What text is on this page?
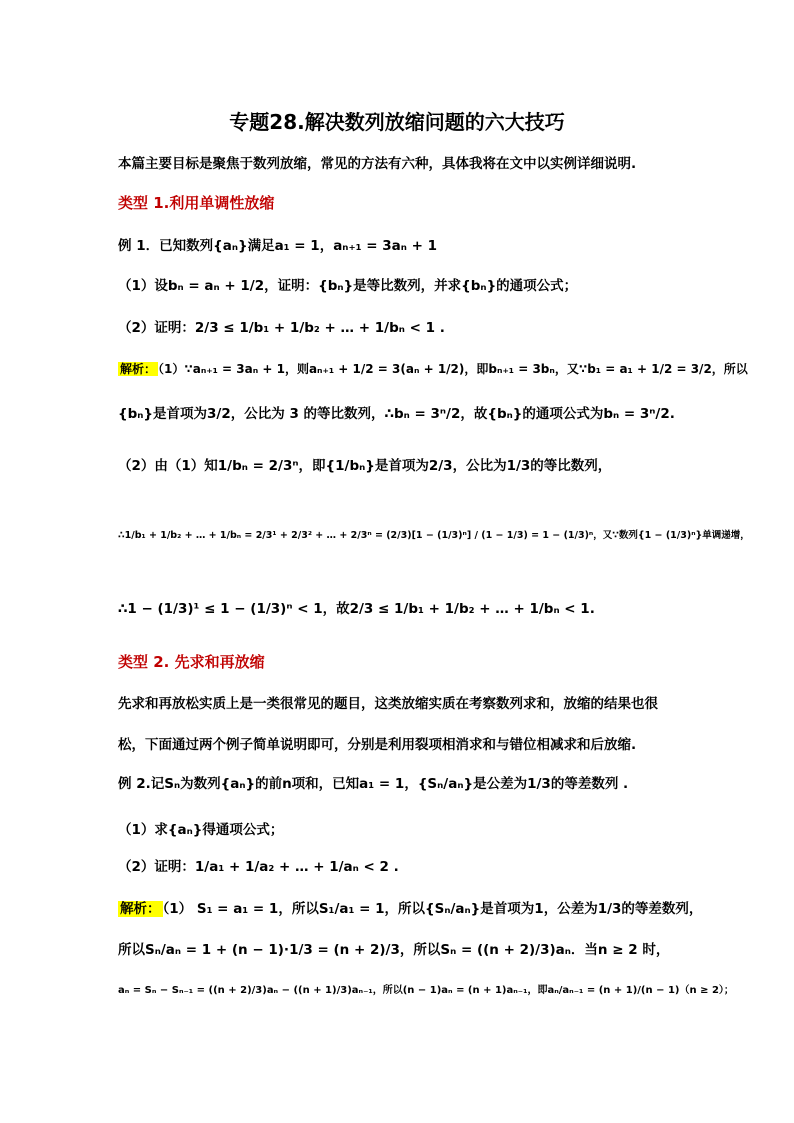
专题28.解决数列放缩问题的六大技巧
本篇主要目标是聚焦于数列放缩，常见的方法有六种，具体我将在文中以实例详细说明.
类型 1.利用单调性放缩
例 1．已知数列{aₙ}满足a₁ = 1，aₙ₊₁ = 3aₙ + 1
（1）设bₙ = aₙ + 1/2，证明：{bₙ}是等比数列，并求{bₙ}的通项公式；
（2）证明：2/3 ≤ 1/b₁ + 1/b₂ + … + 1/bₙ < 1 .
解析： （1）∵aₙ₊₁ = 3aₙ + 1，则aₙ₊₁ + 1/2 = 3(aₙ + 1/2)，即bₙ₊₁ = 3bₙ，又∵b₁ = a₁ + 1/2 = 3/2，所以
{bₙ}是首项为3/2，公比为 3 的等比数列，∴bₙ = 3ⁿ/2，故{bₙ}的通项公式为bₙ = 3ⁿ/2.
（2）由（1）知1/bₙ = 2/3ⁿ，即{1/bₙ}是首项为2/3，公比为1/3的等比数列，
∴1/b₁ + 1/b₂ + … + 1/bₙ = 2/3¹ + 2/3² + … + 2/3ⁿ = (2/3)[1 − (1/3)ⁿ] / (1 − 1/3) = 1 − (1/3)ⁿ，又∵数列{1 − (1/3)ⁿ}单调递增，
∴1 − (1/3)¹ ≤ 1 − (1/3)ⁿ < 1，故2/3 ≤ 1/b₁ + 1/b₂ + … + 1/bₙ < 1.
类型 2. 先求和再放缩
先求和再放松实质上是一类很常见的题目，这类放缩实质在考察数列求和，放缩的结果也很
松，下面通过两个例子简单说明即可，分别是利用裂项相消求和与错位相减求和后放缩.
例 2.记Sₙ为数列{aₙ}的前n项和，已知a₁ = 1，{Sₙ/aₙ}是公差为1/3的等差数列 .
（1）求{aₙ}得通项公式；
（2）证明：1/a₁ + 1/a₂ + … + 1/aₙ < 2 .
解析： （1） S₁ = a₁ = 1，所以S₁/a₁ = 1，所以{Sₙ/aₙ}是首项为1，公差为1/3的等差数列，
所以Sₙ/aₙ = 1 + (n − 1)·1/3 = (n + 2)/3，所以Sₙ = ((n + 2)/3)aₙ．当n ≥ 2 时，
aₙ = Sₙ − Sₙ₋₁ = ((n + 2)/3)aₙ − ((n + 1)/3)aₙ₋₁，所以(n − 1)aₙ = (n + 1)aₙ₋₁，即aₙ/aₙ₋₁ = (n + 1)/(n − 1)（n ≥ 2）；
